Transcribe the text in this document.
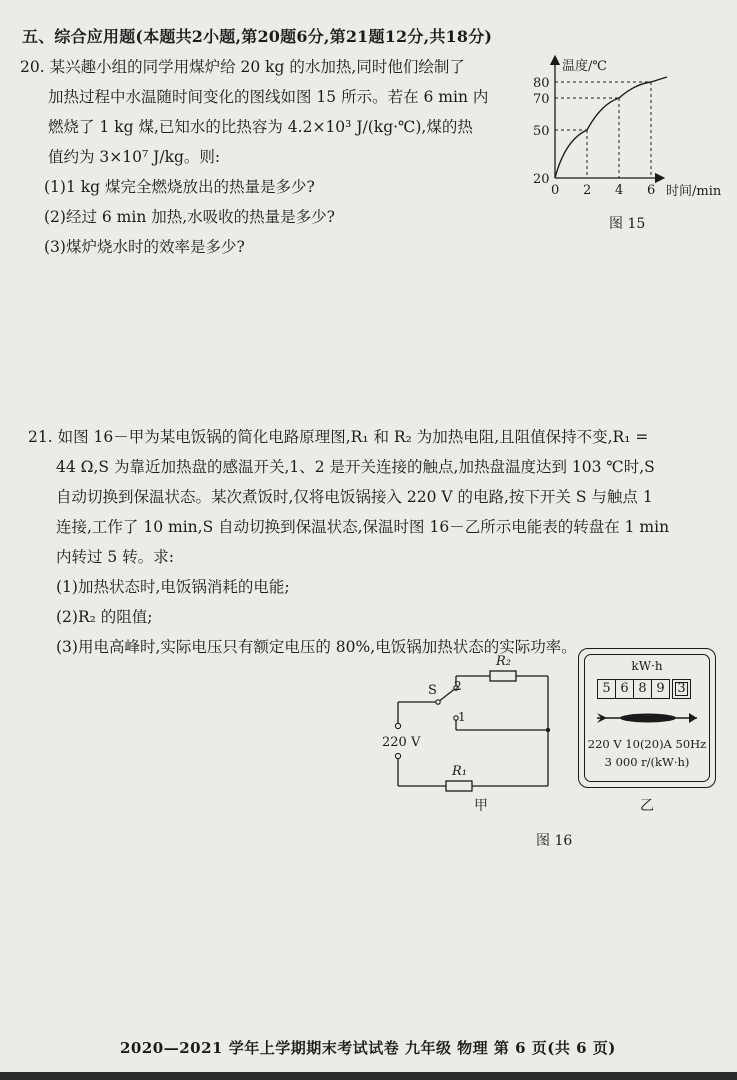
五、综合应用题(本题共2小题,第20题6分,第21题12分,共18分)
20. 某兴趣小组的同学用煤炉给 20 kg 的水加热,同时他们绘制了
加热过程中水温随时间变化的图线如图 15 所示。若在 6 min 内
燃烧了 1 kg 煤,已知水的比热容为 4.2×10³ J/(kg·℃),煤的热
值约为 3×10⁷ J/kg。则:
(1)1 kg 煤完全燃烧放出的热量是多少?
(2)经过 6 min 加热,水吸收的热量是多少?
(3)煤炉烧水时的效率是多少?
温度/℃
时间/min
0 2 4 6
20
50
70
80
图 15
21. 如图 16－甲为某电饭锅的简化电路原理图,R₁ 和 R₂ 为加热电阻,且阻值保持不变,R₁ =
44 Ω,S 为靠近加热盘的感温开关,1、2 是开关连接的触点,加热盘温度达到 103 ℃时,S
自动切换到保温状态。某次煮饭时,仅将电饭锅接入 220 V 的电路,按下开关 S 与触点 1
连接,工作了 10 min,S 自动切换到保温状态,保温时图 16－乙所示电能表的转盘在 1 min
内转过 5 转。求:
(1)加热状态时,电饭锅消耗的电能;
(2)R₂ 的阻值;
(3)用电高峰时,实际电压只有额定电压的 80%,电饭锅加热状态的实际功率。
R₂
R₁
S 2
1
220 V
甲
kW·h
5 6 8 9 3
220 V 10(20)A 50Hz
3 000 r/(kW·h)
乙
图 16
2020—2021 学年上学期期末考试试卷 九年级 物理 第 6 页(共 6 页)
